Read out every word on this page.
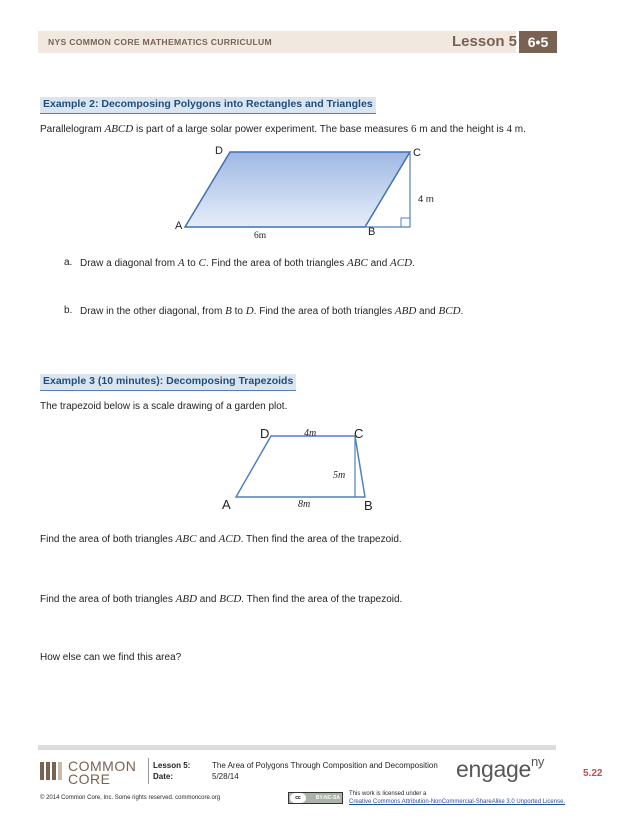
NYS COMMON CORE MATHEMATICS CURRICULUM	Lesson 5 6•5
Example 2: Decomposing Polygons into Rectangles and Triangles
Parallelogram ABCD is part of a large solar power experiment. The base measures 6 m and the height is 4 m.
D	C
A	B
4 m
6m
a. Draw a diagonal from A to C. Find the area of both triangles ABC and ACD.
b. Draw in the other diagonal, from B to D. Find the area of both triangles ABD and BCD.
Example 3 (10 minutes): Decomposing Trapezoids
The trapezoid below is a scale drawing of a garden plot.
D	C
A	B
4m
5m
8m
Find the area of both triangles ABC and ACD. Then find the area of the trapezoid.
Find the area of both triangles ABD and BCD. Then find the area of the trapezoid.
How else can we find this area?
COMMON
CORE
Lesson 5:	The Area of Polygons Through Composition and Decomposition
Date:	5/28/14	engage$^{ny}$
5.22
© 2014 Common Core, Inc. Some rights reserved. commoncore.org	cc	BY-NC-SA
This work is licensed under a
Creative Commons Attribution-NonCommercial-ShareAlike 3.0 Unported License.
